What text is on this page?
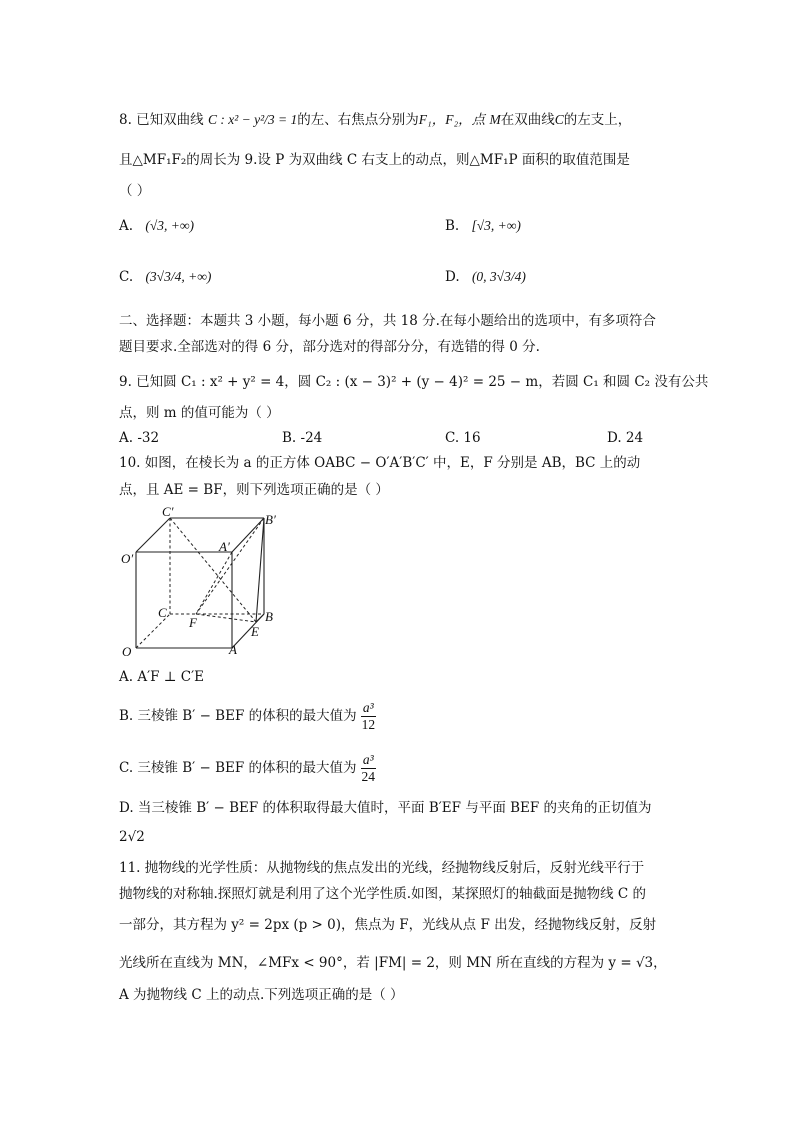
8. 已知双曲线 C : x² − y²/3 = 1的左、右焦点分别为F₁，F₂，点 M在双曲线C的左支上，
且△MF₁F₂的周长为 9.设 P 为双曲线 C 右支上的动点，则△MF₁P 面积的取值范围是
（ ）
A. (√3, +∞)	B. [√3, +∞)
C. (3√3/4, +∞)	D. (0, 3√3/4)
二、选择题：本题共 3 小题，每小题 6 分，共 18 分.在每小题给出的选项中，有多项符合
题目要求.全部选对的得 6 分，部分选对的得部分分，有选错的得 0 分.
9. 已知圆 C₁ : x² + y² = 4，圆 C₂ : (x − 3)² + (y − 4)² = 25 − m，若圆 C₁ 和圆 C₂ 没有公共
点，则 m 的值可能为（ ）
A. -32	B. -24	C. 16	D. 24
10. 如图，在棱长为 a 的正方体 OABC − O′A′B′C′ 中，E，F 分别是 AB，BC 上的动
点，且 AE = BF，则下列选项正确的是（ ）
C′
B′
A′
O′
C
F	B
E
O	A
A. A′F ⊥ C′E
B. 三棱锥 B′ − BEF 的体积的最大值为 $\frac{\text{a³}}{12}$
C. 三棱锥 B′ − BEF 的体积的最大值为 $\frac{\text{a³}}{24}$
D. 当三棱锥 B′ − BEF 的体积取得最大值时，平面 B′EF 与平面 BEF 的夹角的正切值为
2√2
11. 抛物线的光学性质：从抛物线的焦点发出的光线，经抛物线反射后，反射光线平行于
抛物线的对称轴.探照灯就是利用了这个光学性质.如图，某探照灯的轴截面是抛物线 C 的
一部分，其方程为 y² = 2px (p > 0)，焦点为 F，光线从点 F 出发，经抛物线反射，反射
光线所在直线为 MN，∠MFx < 90°，若 |FM| = 2，则 MN 所在直线的方程为 y = √3，
A 为抛物线 C 上的动点.下列选项正确的是（ ）
